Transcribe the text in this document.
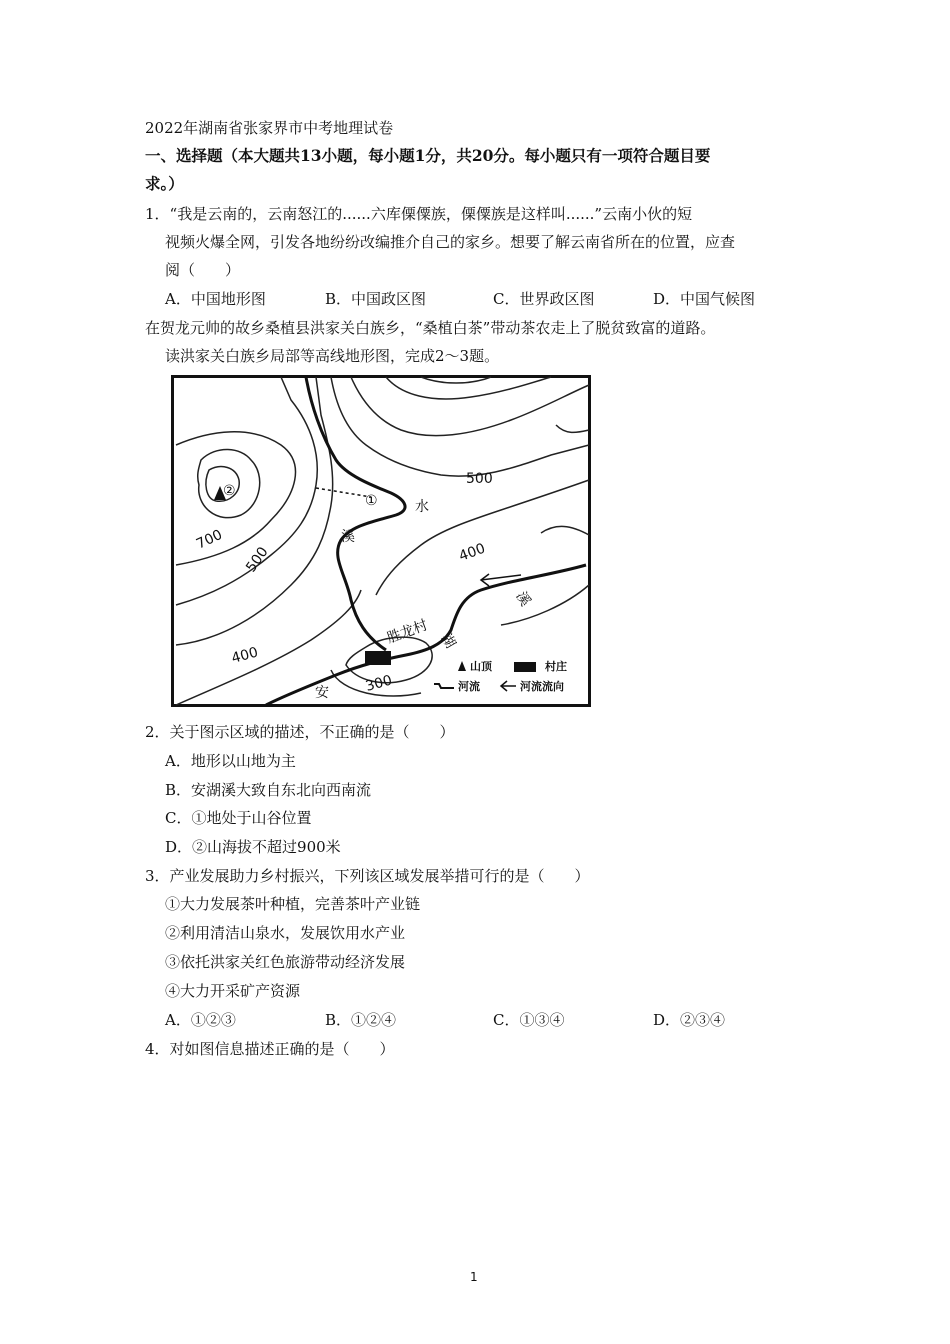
2022年湖南省张家界市中考地理试卷
一、选择题（本大题共13小题，每小题1分，共20分。每小题只有一项符合题目要
求。）
1．“我是云南的，云南怒江的......六库傈僳族，傈僳族是这样叫......”云南小伙的短
视频火爆全网，引发各地纷纷改编推介自己的家乡。想要了解云南省所在的位置，应查
阅（　　）
A．中国地形图	B．中国政区图	C．世界政区图	D．中国气候图
在贺龙元帅的故乡桑植县洪家关白族乡，“桑植白茶”带动茶农走上了脱贫致富的道路。
读洪家关白族乡局部等高线地形图，完成2～3题。
500
700
500	400
400
300
①
②
胜龙村
安
湖
溪
水
溪
山顶	村庄
河流	河流流向
2．关于图示区域的描述，不正确的是（　　）
A．地形以山地为主
B．安湖溪大致自东北向西南流
C．①地处于山谷位置
D．②山海拔不超过900米
3．产业发展助力乡村振兴，下列该区域发展举措可行的是（　　）
①大力发展茶叶种植，完善茶叶产业链
②利用清洁山泉水，发展饮用水产业
③依托洪家关红色旅游带动经济发展
④大力开采矿产资源
A．①②③	B．①②④	C．①③④	D．②③④
4．对如图信息描述正确的是（　　）
1
